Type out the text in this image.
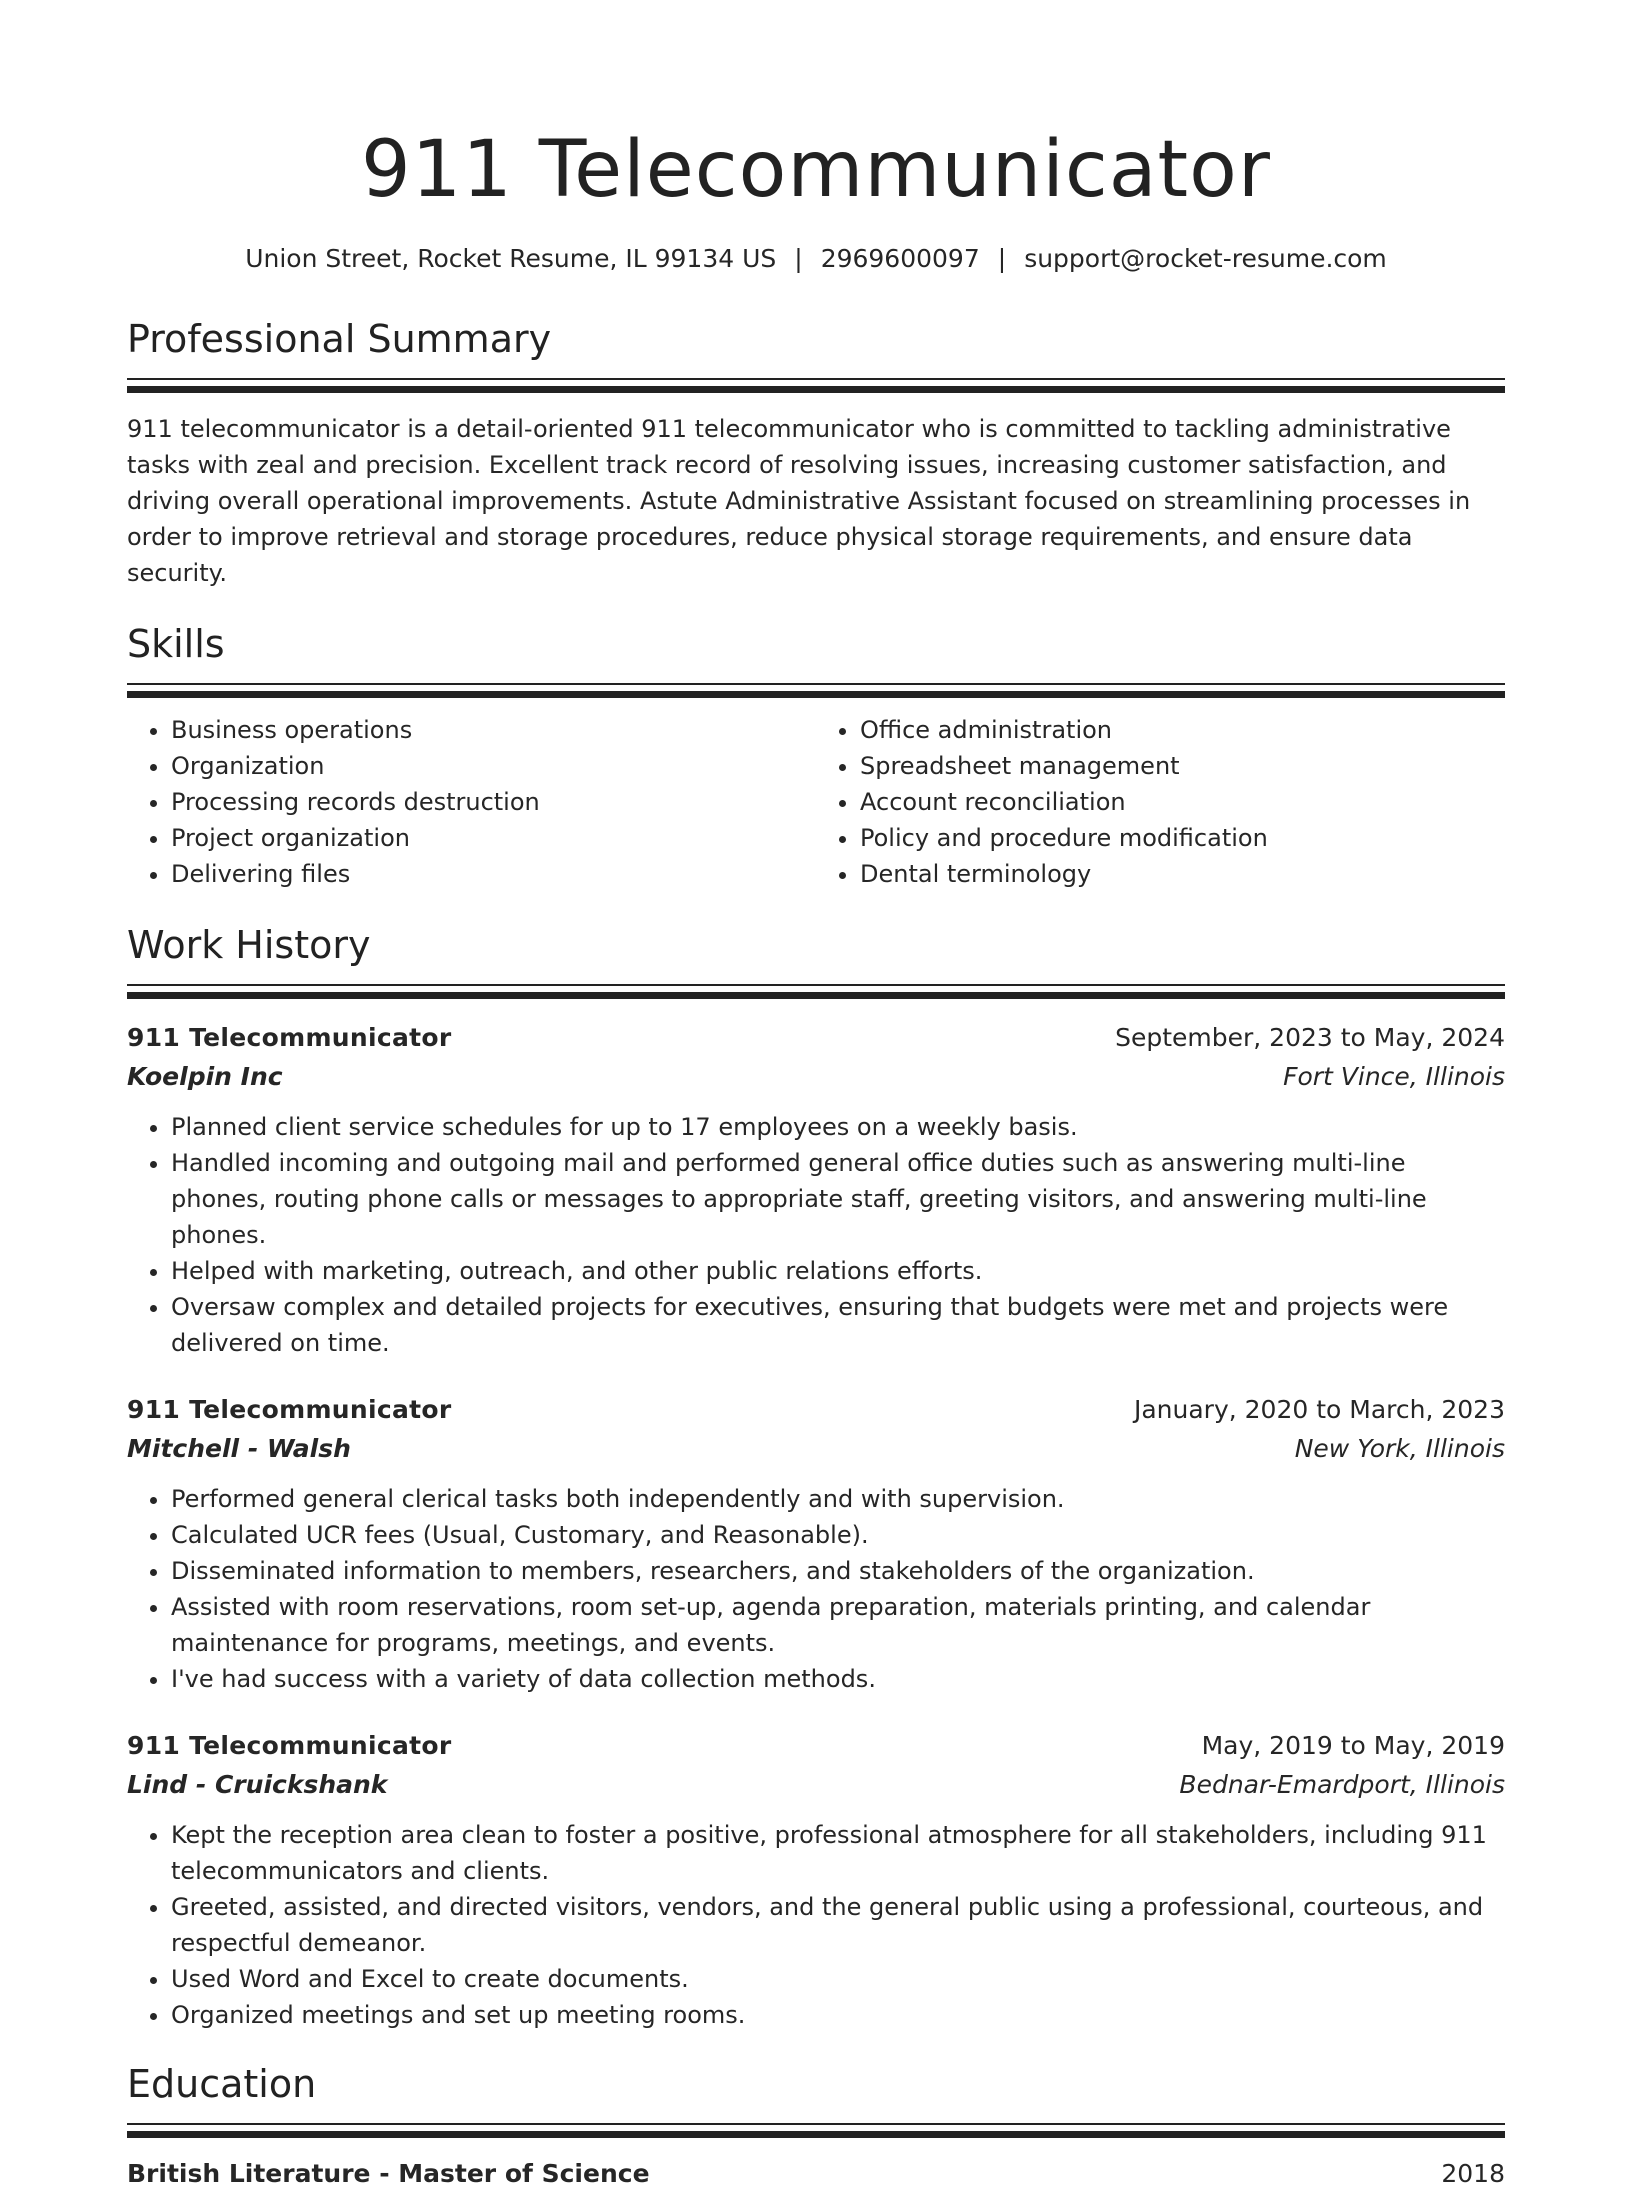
911 Telecommunicator
Union Street, Rocket Resume, IL 99134 US | 2969600097 | support@rocket-resume.com
Professional Summary
911 telecommunicator is a detail-oriented 911 telecommunicator who is committed to tackling administrative tasks with zeal and precision. Excellent track record of resolving issues, increasing customer satisfaction, and driving overall operational improvements. Astute Administrative Assistant focused on streamlining processes in order to improve retrieval and storage procedures, reduce physical storage requirements, and ensure data security.
Skills
• Business operations
• Organization
• Processing records destruction
• Project organization
• Delivering files
• Office administration
• Spreadsheet management
• Account reconciliation
• Policy and procedure modification
• Dental terminology
Work History
911 Telecommunicator	September, 2023 to May, 2024
Koelpin Inc	Fort Vince, Illinois
• Planned client service schedules for up to 17 employees on a weekly basis.
• Handled incoming and outgoing mail and performed general office duties such as answering multi-line phones, routing phone calls or messages to appropriate staff, greeting visitors, and answering multi-line phones.
• Helped with marketing, outreach, and other public relations efforts.
• Oversaw complex and detailed projects for executives, ensuring that budgets were met and projects were delivered on time.
911 Telecommunicator	January, 2020 to March, 2023
Mitchell - Walsh	New York, Illinois
• Performed general clerical tasks both independently and with supervision.
• Calculated UCR fees (Usual, Customary, and Reasonable).
• Disseminated information to members, researchers, and stakeholders of the organization.
• Assisted with room reservations, room set-up, agenda preparation, materials printing, and calendar maintenance for programs, meetings, and events.
• I've had success with a variety of data collection methods.
911 Telecommunicator	May, 2019 to May, 2019
Lind - Cruickshank	Bednar-Emardport, Illinois
• Kept the reception area clean to foster a positive, professional atmosphere for all stakeholders, including 911 telecommunicators and clients.
• Greeted, assisted, and directed visitors, vendors, and the general public using a professional, courteous, and respectful demeanor.
• Used Word and Excel to create documents.
• Organized meetings and set up meeting rooms.
Education
British Literature - Master of Science	2018
